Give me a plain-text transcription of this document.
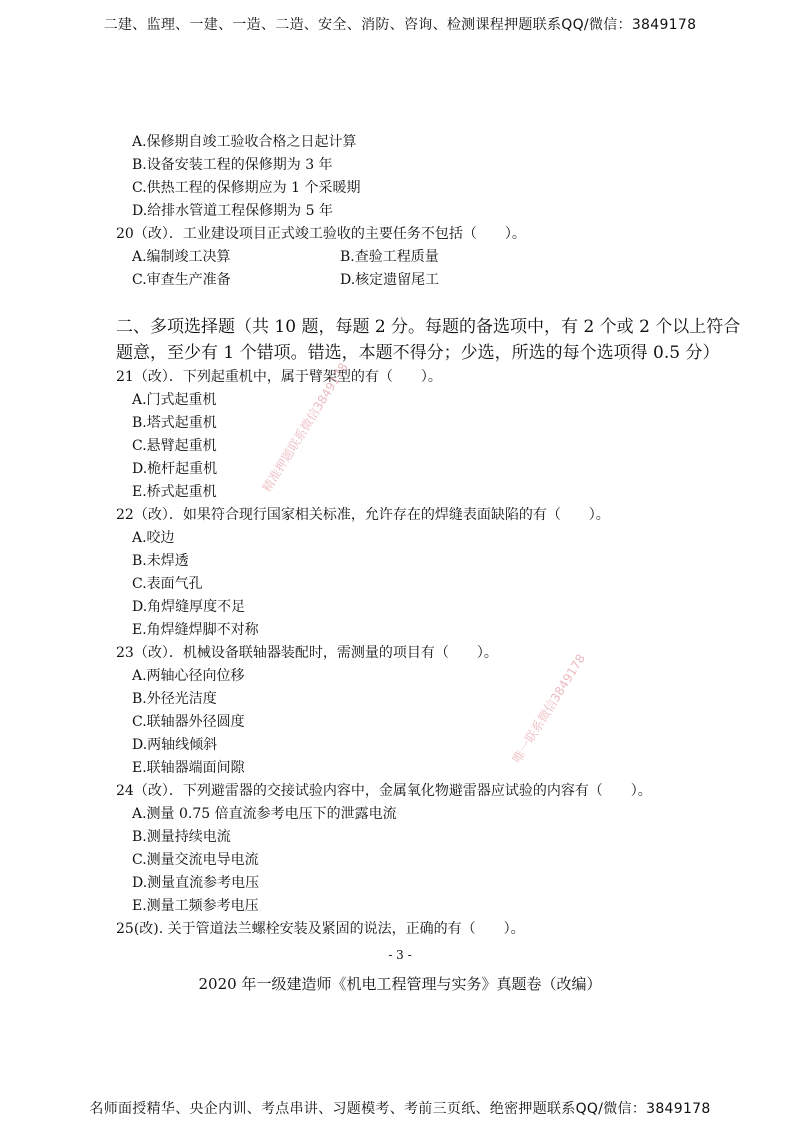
二建、监理、一建、一造、二造、安全、消防、咨询、检测课程押题联系QQ/微信：3849178
A.保修期自竣工验收合格之日起计算
B.设备安装工程的保修期为 3 年
C.供热工程的保修期应为 1 个采暖期
D.给排水管道工程保修期为 5 年
20（改）．工业建设项目正式竣工验收的主要任务不包括（　　）。
A.编制竣工决算	B.查验工程质量
C.审查生产准备	D.核定遗留尾工
二、多项选择题（共 10 题，每题 2 分。每题的备选项中，有 2 个或 2 个以上符合
题意，至少有 1 个错项。错选，本题不得分；少选，所选的每个选项得 0.5 分）
21（改）．下列起重机中，属于臂架型的有（　　）。
A.门式起重机
B.塔式起重机
C.悬臂起重机
D.桅杆起重机
E.桥式起重机
22（改）．如果符合现行国家相关标准，允许存在的焊缝表面缺陷的有（　　）。
A.咬边
B.未焊透
C.表面气孔
D.角焊缝厚度不足
E.角焊缝焊脚不对称
23（改）．机械设备联轴器装配时，需测量的项目有（　　）。
A.两轴心径向位移
B.外径光洁度
C.联轴器外径圆度
D.两轴线倾斜
E.联轴器端面间隙
24（改）．下列避雷器的交接试验内容中，金属氧化物避雷器应试验的内容有（　　）。
A.测量 0.75 倍直流参考电压下的泄露电流
B.测量持续电流
C.测量交流电导电流
D.测量直流参考电压
E.测量工频参考电压
25(改). 关于管道法兰螺栓安装及紧固的说法，正确的有（　　）。
精准押题联系微信3849178
唯一联系微信3849178
- 3 -
2020 年一级建造师《机电工程管理与实务》真题卷（改编）
名师面授精华、央企内训、考点串讲、习题模考、考前三页纸、绝密押题联系QQ/微信：3849178
